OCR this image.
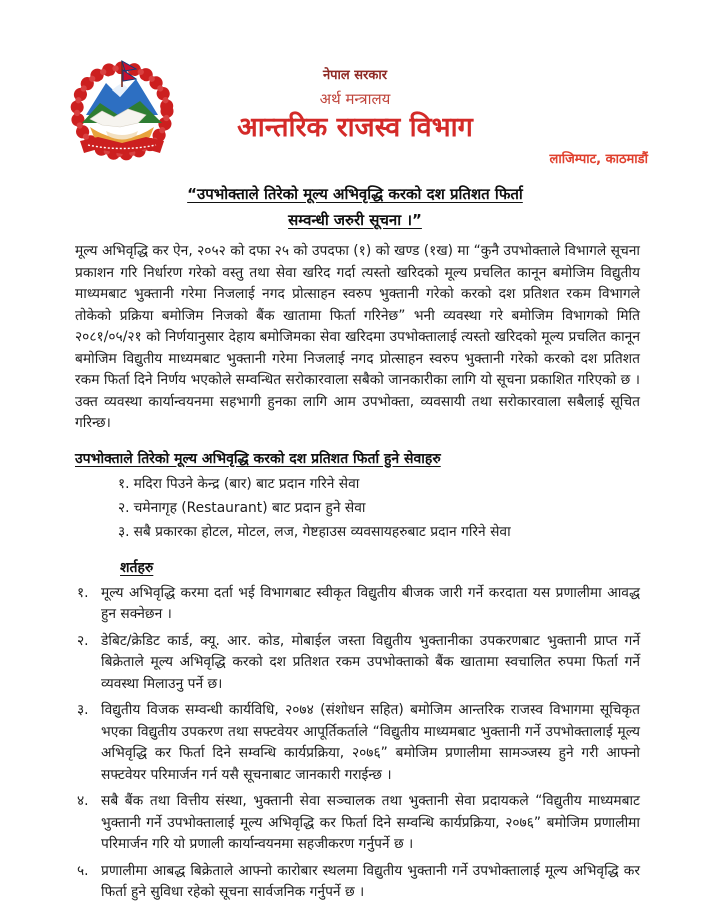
नेपाल सरकार
अर्थ मन्त्रालय
आन्तरिक राजस्व विभाग
लाजिम्पाट, काठमाडौं
“उपभोक्ताले तिरेको मूल्य अभिवृद्धि करको दश प्रतिशत फिर्ता
सम्वन्धी जरुरी सूचना ।”

मूल्य अभिवृद्धि कर ऐन, २०५२ को दफा २५ को उपदफा (१) को खण्ड (१ख) मा “कुनै उपभोक्ताले विभागले सूचना प्रकाशन गरि निर्धारण गरेको वस्तु तथा सेवा खरिद गर्दा त्यस्तो खरिदको मूल्य प्रचलित कानून बमोजिम विद्युतीय माध्यमबाट भुक्तानी गरेमा निजलाई नगद प्रोत्साहन स्वरुप भुक्तानी गरेको करको दश प्रतिशत रकम विभागले तोकेको प्रक्रिया बमोजिम निजको बैंक खातामा फिर्ता गरिनेछ” भनी व्यवस्था गरे बमोजिम विभागको मिति २०८१/०५/२१ को निर्णयानुसार देहाय बमोजिमका सेवा खरिदमा उपभोक्तालाई त्यस्तो खरिदको मूल्य प्रचलित कानून बमोजिम विद्युतीय माध्यमबाट भुक्तानी गरेमा निजलाई नगद प्रोत्साहन स्वरुप भुक्तानी गरेको करको दश प्रतिशत रकम फिर्ता दिने निर्णय भएकोले सम्वन्धित सरोकारवाला सबैको जानकारीका लागि यो सूचना प्रकाशित गरिएको छ । उक्त व्यवस्था कार्यान्वयनमा सहभागी हुनका लागि आम उपभोक्ता, व्यवसायी तथा सरोकारवाला सबैलाई सूचित गरिन्छ।

उपभोक्ताले तिरेको मूल्य अभिवृद्धि करको दश प्रतिशत फिर्ता हुने सेवाहरु
१. मदिरा पिउने केन्द्र (बार) बाट प्रदान गरिने सेवा
२. चमेनागृह (Restaurant) बाट प्रदान हुने सेवा
३. सबै प्रकारका होटल, मोटल, लज, गेष्टहाउस व्यवसायहरुबाट प्रदान गरिने सेवा
शर्तहरु
१. मूल्य अभिवृद्धि करमा दर्ता भई विभागबाट स्वीकृत विद्युतीय बीजक जारी गर्ने करदाता यस प्रणालीमा आवद्ध हुन सक्नेछन ।
२. डेबिट/क्रेडिट कार्ड, क्यू. आर. कोड, मोबाईल जस्ता विद्युतीय भुक्तानीका उपकरणबाट भुक्तानी प्राप्त गर्ने बिक्रेताले मूल्य अभिवृद्धि करको दश प्रतिशत रकम उपभोक्ताको बैंक खातामा स्वचालित रुपमा फिर्ता गर्ने व्यवस्था मिलाउनु पर्ने छ।
३. विद्युतीय विजक सम्वन्धी कार्यविधि, २०७४ (संशोधन सहित) बमोजिम आन्तरिक राजस्व विभागमा सूचिकृत भएका विद्युतीय उपकरण तथा सफ्टवेयर आपूर्तिकर्ताले “विद्युतीय माध्यमबाट भुक्तानी गर्ने उपभोक्तालाई मूल्य अभिवृद्धि कर फिर्ता दिने सम्वन्धि कार्यप्रक्रिया, २०७६” बमोजिम प्रणालीमा सामञ्जस्य हुने गरी आफ्नो सफ्टवेयर परिमार्जन गर्न यसै सूचनाबाट जानकारी गराईन्छ ।
४. सबै बैंक तथा वित्तीय संस्था, भुक्तानी सेवा सञ्चालक तथा भुक्तानी सेवा प्रदायकले “विद्युतीय माध्यमबाट भुक्तानी गर्ने उपभोक्तालाई मूल्य अभिवृद्धि कर फिर्ता दिने सम्वन्धि कार्यप्रक्रिया, २०७६” बमोजिम प्रणालीमा परिमार्जन गरि यो प्रणाली कार्यान्वयनमा सहजीकरण गर्नुपर्ने छ ।
५. प्रणालीमा आबद्ध बिक्रेताले आफ्नो कारोबार स्थलमा विद्युतीय भुक्तानी गर्ने उपभोक्तालाई मूल्य अभिवृद्धि कर फिर्ता हुने सुविधा रहेको सूचना सार्वजनिक गर्नुपर्ने छ ।
